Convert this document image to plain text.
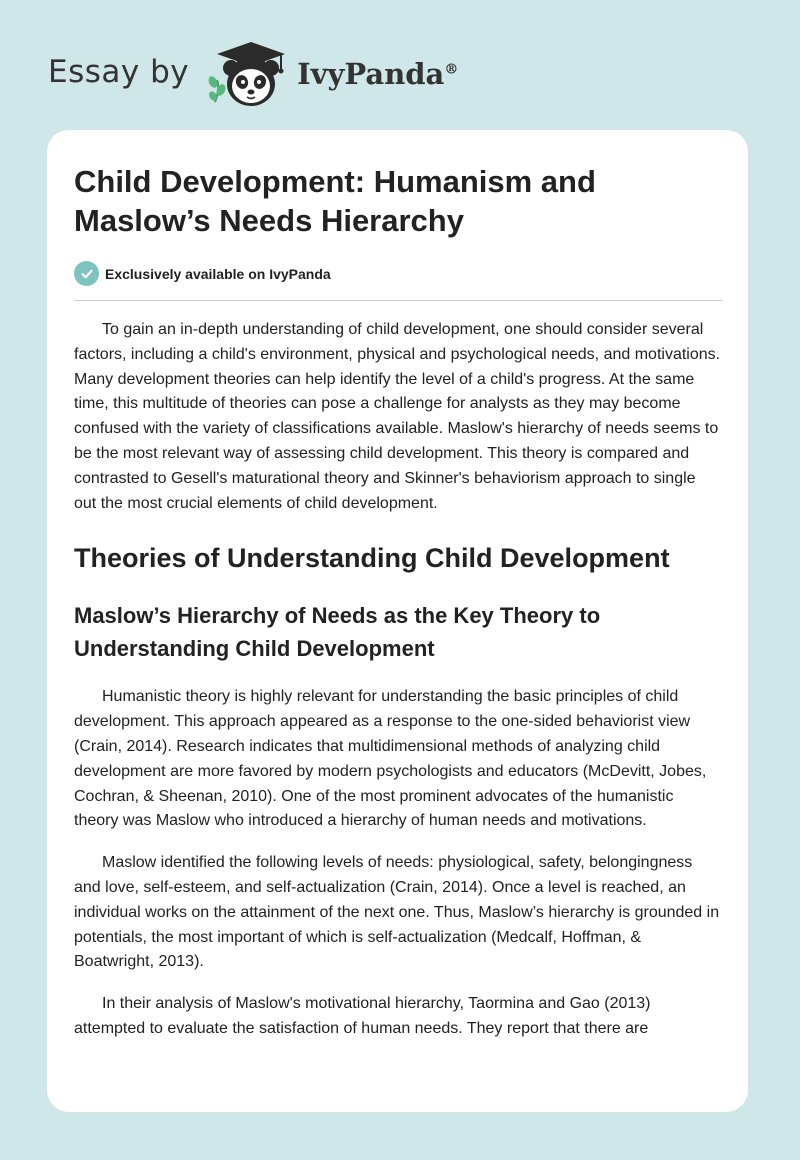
Essay by	IvyPanda®
Child Development: Humanism and Maslow’s Needs Hierarchy
Exclusively available on IvyPanda

To gain an in-depth understanding of child development, one should consider several factors, including a child's environment, physical and psychological needs, and motivations. Many development theories can help identify the level of a child's progress. At the same time, this multitude of theories can pose a challenge for analysts as they may become confused with the variety of classifications available. Maslow's hierarchy of needs seems to be the most relevant way of assessing child development. This theory is compared and contrasted to Gesell's maturational theory and Skinner's behaviorism approach to single out the most crucial elements of child development.

Theories of Understanding Child Development
Maslow’s Hierarchy of Needs as the Key Theory to Understanding Child Development

Humanistic theory is highly relevant for understanding the basic principles of child development. This approach appeared as a response to the one-sided behaviorist view (Crain, 2014). Research indicates that multidimensional methods of analyzing child development are more favored by modern psychologists and educators (McDevitt, Jobes, Cochran, & Sheenan, 2010). One of the most prominent advocates of the humanistic theory was Maslow who introduced a hierarchy of human needs and motivations.

Maslow identified the following levels of needs: physiological, safety, belongingness and love, self-esteem, and self-actualization (Crain, 2014). Once a level is reached, an individual works on the attainment of the next one. Thus, Maslow’s hierarchy is grounded in potentials, the most important of which is self-actualization (Medcalf, Hoffman, & Boatwright, 2013).

In their analysis of Maslow's motivational hierarchy, Taormina and Gao (2013) attempted to evaluate the satisfaction of human needs. They report that there are
